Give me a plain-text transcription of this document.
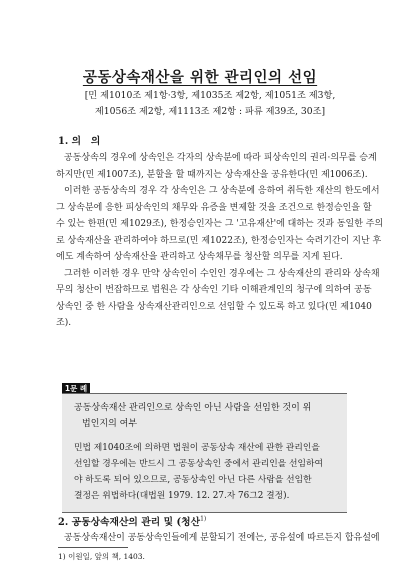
공동상속재산을 위한 관리인의 선임
[민 제1010조 제1항·3항, 제1035조 제2항, 제1051조 제3항,
제1056조 제2항, 제1113조 제2항 : 파류 제39조, 30조]
1. 의　의
공동상속의 경우에 상속인은 각자의 상속분에 따라 피상속인의 권리·의무를 승계
하지만(민 제1007조), 분할을 할 때까지는 상속재산을 공유한다(민 제1006조).
이러한 공동상속의 경우 각 상속인은 그 상속분에 응하여 취득한 재산의 한도에서
그 상속분에 응한 피상속인의 채무와 유증을 변제할 것을 조건으로 한정승인을 할
수 있는 한편(민 제1029조), 한정승인자는 그 '고유재산'에 대하는 것과 동일한 주의
로 상속재산을 관리하여야 하므로(민 제1022조), 한정승인자는 숙려기간이 지난 후
에도 계속하여 상속재산을 관리하고 상속채무를 청산할 의무를 지게 된다.
그러한 이러한 경우 만약 상속인이 수인인 경우에는 그 상속재산의 관리와 상속채
무의 청산이 번잡하므로 법원은 각 상속인 기타 이해관계인의 청구에 의하여 공동
상속인 중 한 사람을 상속재산관리인으로 선임할 수 있도록 하고 있다(민 제1040
조).
1문 례
공동상속재산 관리인으로 상속인 아닌 사람을 선임한 것이 위
법인지의 여부
민법 제1040조에 의하면 법원이 공동상속 재산에 관한 관리인을
선임할 경우에는 반드시 그 공동상속인 중에서 관리인을 선임하여
야 하도록 되어 있으므로, 공동상속인 아닌 다른 사람을 선임한
결정은 위법하다(대법원 1979. 12. 27.자 76그2 결정).
2. 공동상속재산의 관리 및 (청산$^{1)}$
공동상속재산이 공동상속인들에게 분할되기 전에는, 공유설에 따르든지 합유설에
1) 이원일, 앞의 책, 1403.
